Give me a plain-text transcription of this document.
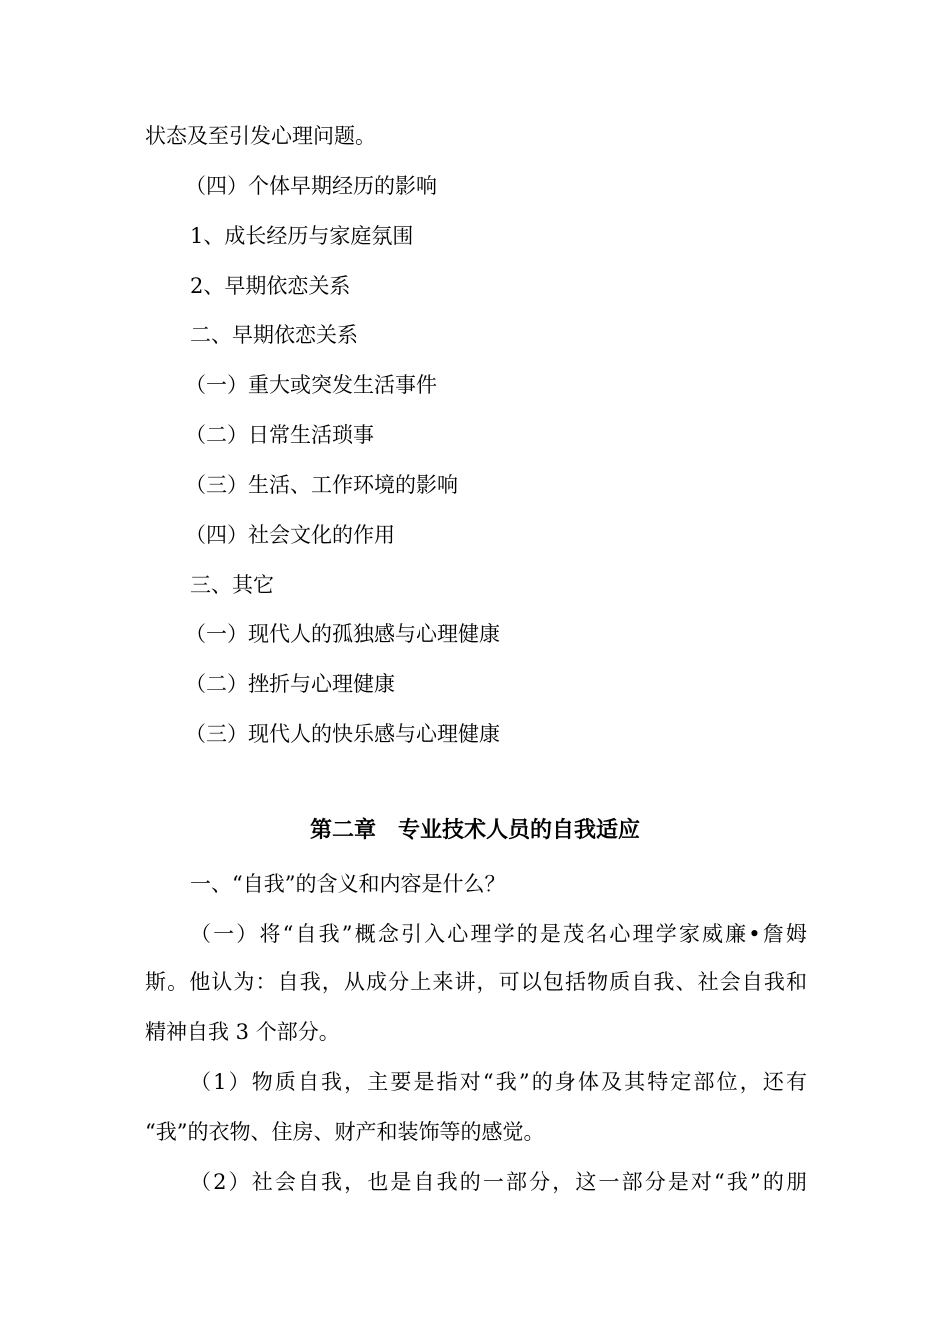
状态及至引发心理问题。
（四）个体早期经历的影响
1、成长经历与家庭氛围
2、早期依恋关系
二、早期依恋关系
（一）重大或突发生活事件
（二）日常生活琐事
（三）生活、工作环境的影响
（四）社会文化的作用
三、其它
（一）现代人的孤独感与心理健康
（二）挫折与心理健康
（三）现代人的快乐感与心理健康
第二章　专业技术人员的自我适应
一、“自我”的含义和内容是什么？
（一）将“自我”概念引入心理学的是茂名心理学家威廉•詹姆
斯。他认为：自我，从成分上来讲，可以包括物质自我、社会自我和
精神自我 3 个部分。
（1）物质自我，主要是指对“我”的身体及其特定部位，还有
“我”的衣物、住房、财产和装饰等的感觉。
（2）社会自我，也是自我的一部分，这一部分是对“我”的朋
